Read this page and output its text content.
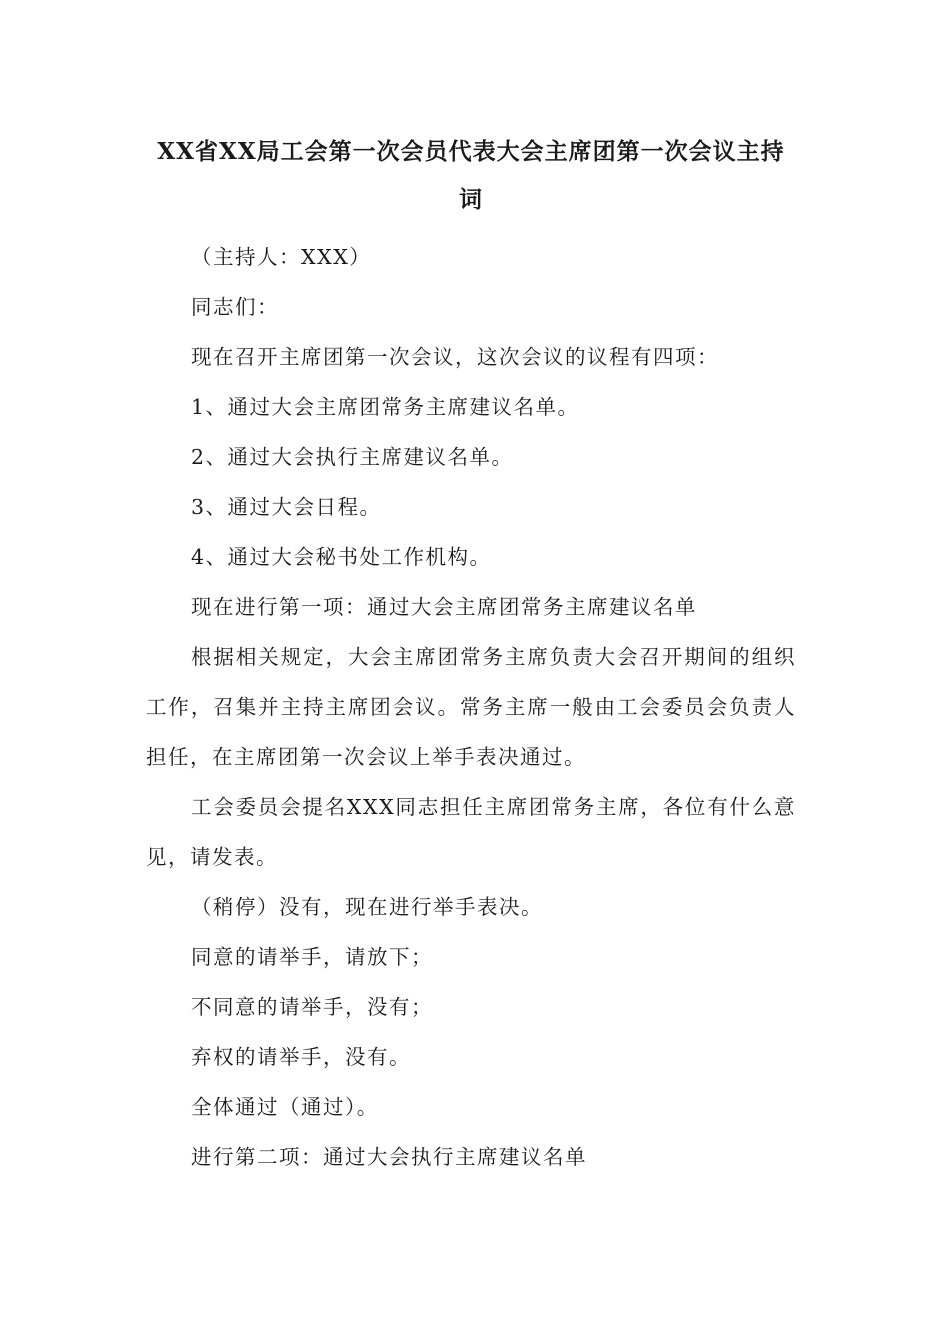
XX省XX局工会第一次会员代表大会主席团第一次会议主持词

（主持人：XXX）

同志们：

现在召开主席团第一次会议，这次会议的议程有四项：

1、通过大会主席团常务主席建议名单。

2、通过大会执行主席建议名单。

3、通过大会日程。

4、通过大会秘书处工作机构。

现在进行第一项：通过大会主席团常务主席建议名单

根据相关规定，大会主席团常务主席负责大会召开期间的组织工作，召集并主持主席团会议。常务主席一般由工会委员会负责人担任，在主席团第一次会议上举手表决通过。

工会委员会提名XXX同志担任主席团常务主席，各位有什么意见，请发表。

（稍停）没有，现在进行举手表决。

同意的请举手，请放下；

不同意的请举手，没有；

弃权的请举手，没有。

全体通过（通过）。

进行第二项：通过大会执行主席建议名单
